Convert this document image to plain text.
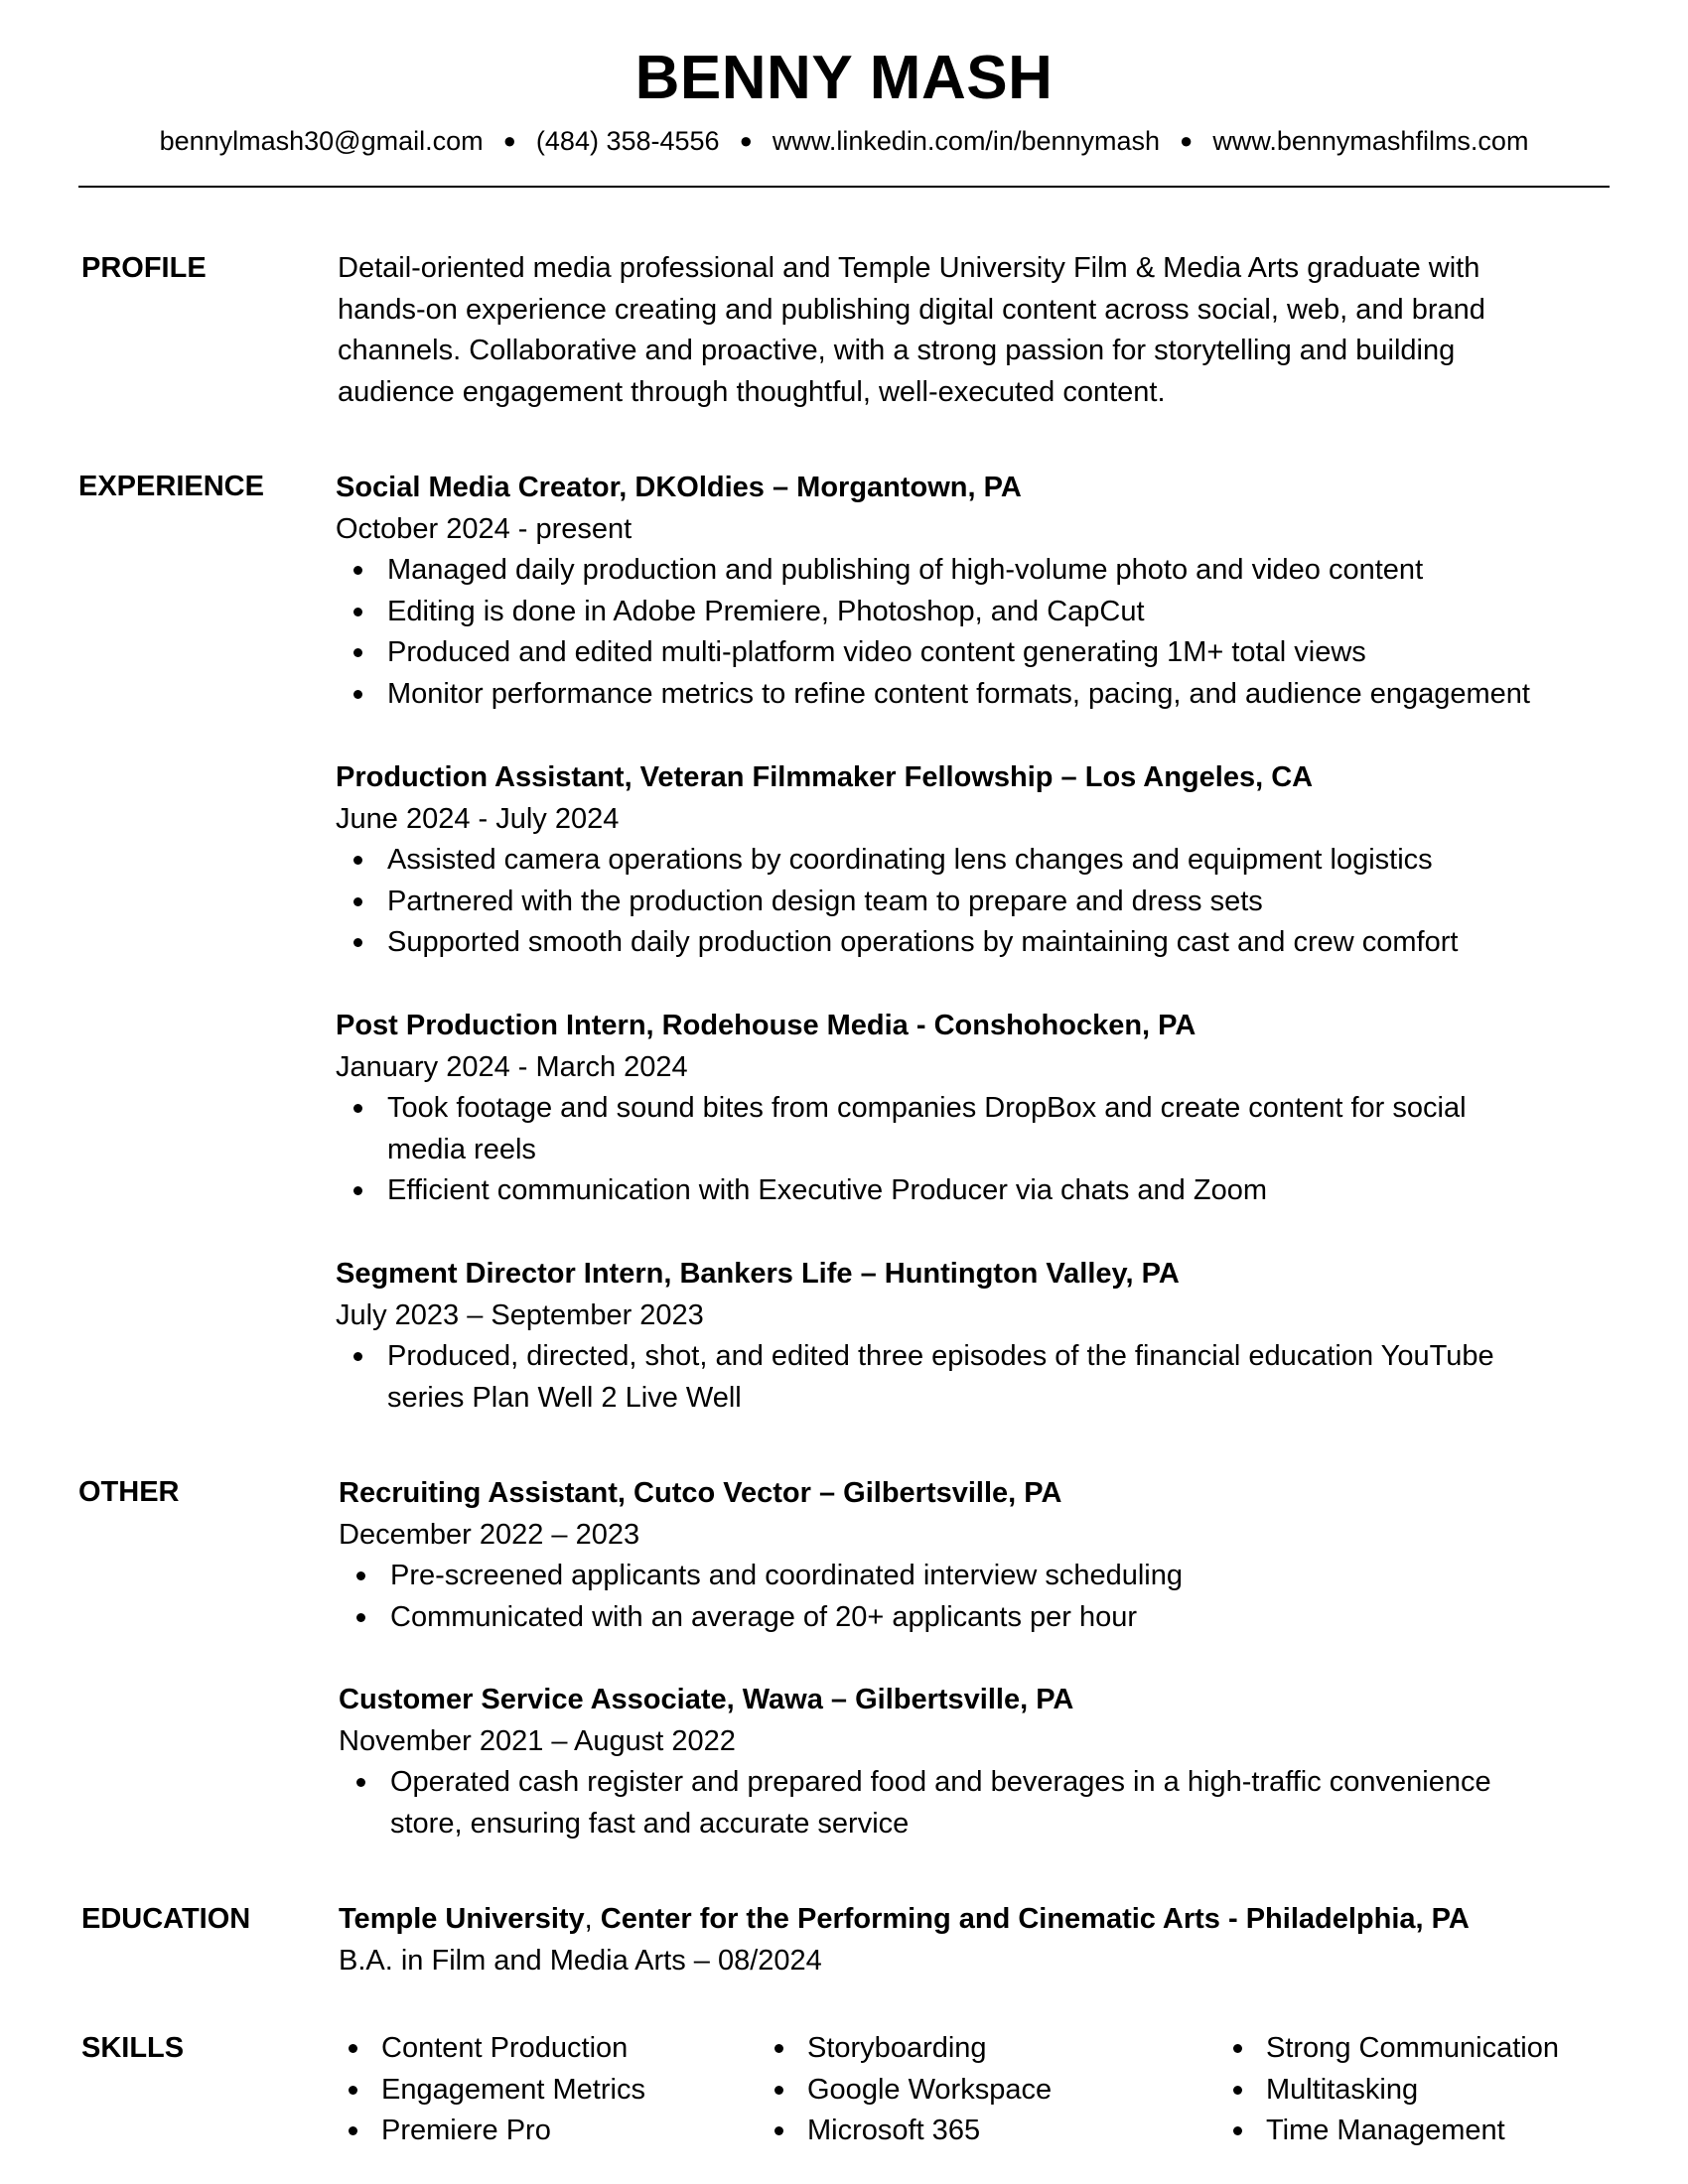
BENNY MASH
bennylmash30@gmail.com ● (484) 358-4556 ● www.linkedin.com/in/bennymash ● www.bennymashfilms.com
PROFILE	Detail-oriented media professional and Temple University Film & Media Arts graduate with
hands-on experience creating and publishing digital content across social, web, and brand
channels. Collaborative and proactive, with a strong passion for storytelling and building
audience engagement through thoughtful, well-executed content.
EXPERIENCE Social Media Creator, DKOldies – Morgantown, PA
October 2024 - present
Managed daily production and publishing of high-volume photo and video content
Editing is done in Adobe Premiere, Photoshop, and CapCut
Produced and edited multi-platform video content generating 1M+ total views
Monitor performance metrics to refine content formats, pacing, and audience engagement
Production Assistant, Veteran Filmmaker Fellowship – Los Angeles, CA
June 2024 - July 2024
Assisted camera operations by coordinating lens changes and equipment logistics
Partnered with the production design team to prepare and dress sets
Supported smooth daily production operations by maintaining cast and crew comfort
Post Production Intern, Rodehouse Media - Conshohocken, PA
January 2024 - March 2024
Took footage and sound bites from companies DropBox and create content for social
media reels
Efficient communication with Executive Producer via chats and Zoom
Segment Director Intern, Bankers Life – Huntington Valley, PA
July 2023 – September 2023
Produced, directed, shot, and edited three episodes of the financial education YouTube
series Plan Well 2 Live Well
OTHER	Recruiting Assistant, Cutco Vector – Gilbertsville, PA
December 2022 – 2023
Pre-screened applicants and coordinated interview scheduling
Communicated with an average of 20+ applicants per hour
Customer Service Associate, Wawa – Gilbertsville, PA
November 2021 – August 2022
Operated cash register and prepared food and beverages in a high-traffic convenience
store, ensuring fast and accurate service
EDUCATION	Temple University, Center for the Performing and Cinematic Arts - Philadelphia, PA
B.A. in Film and Media Arts – 08/2024
SKILLS	Content Production
Engagement Metrics
Premiere Pro
Storyboarding
Google Workspace
Microsoft 365
Strong Communication
Multitasking
Time Management
